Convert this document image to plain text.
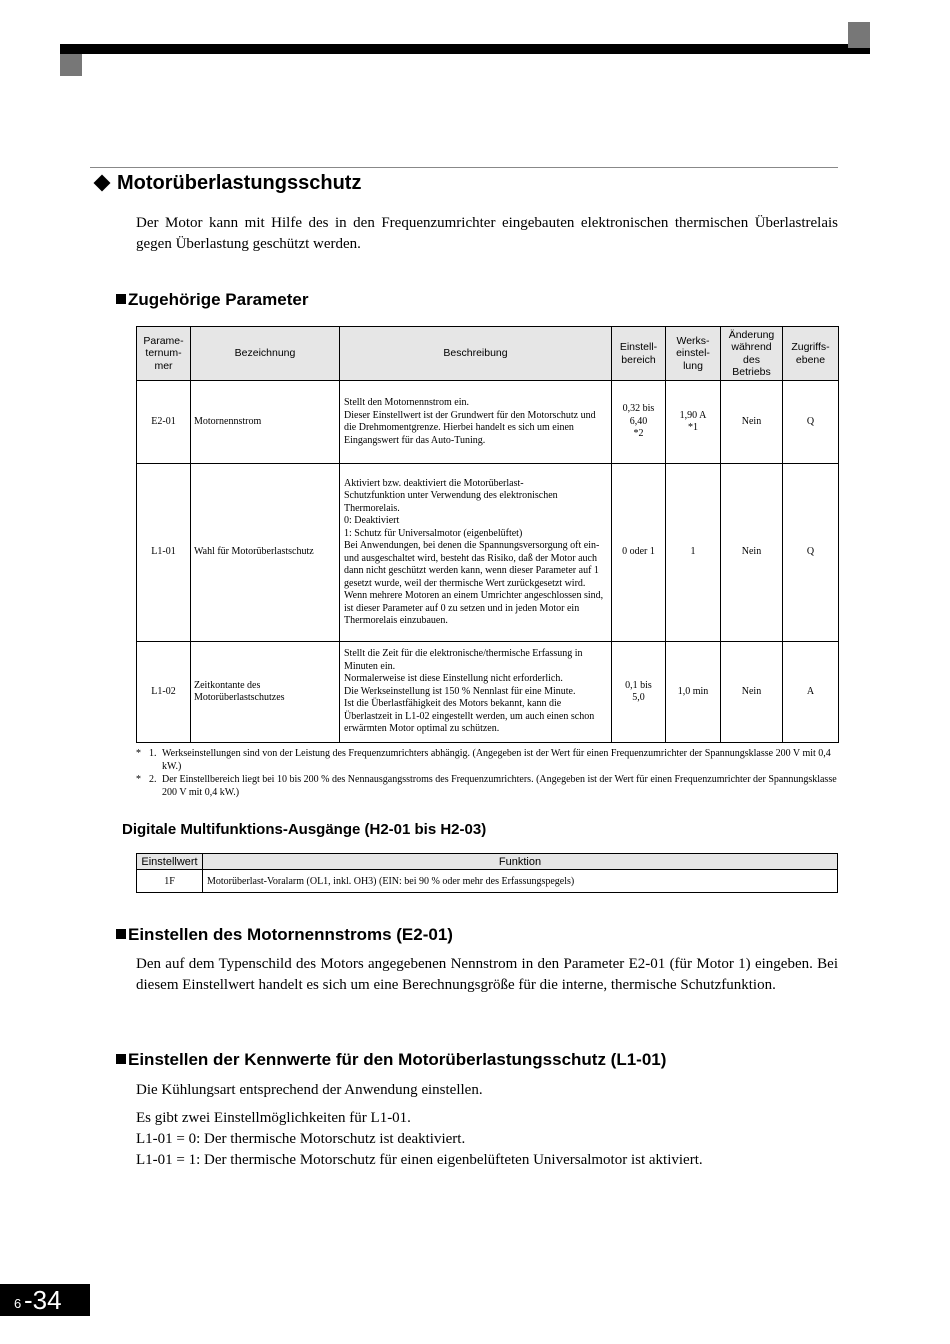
Motorüberlastungsschutz
Der Motor kann mit Hilfe des in den Frequenzumrichter eingebauten elektronischen thermischen Überlastrelais gegen Überlastung geschützt werden.
Zugehörige Parameter
Parame-
ternum-
mer	Bezeichnung	Beschreibung	Einstell-
bereich	Werks-
einstel-
lung	Änderung
während
des
Betriebs	Zugriffs-
ebene
E2-01	Motornennstrom	Stellt den Motornennstrom ein.
Dieser Einstellwert ist der Grundwert für den Motorschutz und die Drehmomentgrenze. Hierbei handelt es sich um einen Eingangswert für das Auto-Tuning.	0,32 bis
6,40
*2	1,90 A
*1	Nein	Q
L1-01	Wahl für Motorüberlastschutz	Aktiviert bzw. deaktiviert die Motorüberlast-
Schutzfunktion unter Verwendung des elektronischen Thermorelais.
0: Deaktiviert
1: Schutz für Universalmotor (eigenbelüftet)
Bei Anwendungen, bei denen die Spannungsversorgung oft ein- und ausgeschaltet wird, besteht das Risiko, daß der Motor auch dann nicht geschützt werden kann, wenn dieser Parameter auf 1 gesetzt wurde, weil der thermische Wert zurückgesetzt wird. Wenn mehrere Motoren an einem Umrichter angeschlossen sind, ist dieser Parameter auf 0 zu setzen und in jeden Motor ein Thermorelais einzubauen.	0 oder 1	1	Nein	Q
L1-02	Zeitkontante des Motorüberlastschutzes	Stellt die Zeit für die elektronische/thermische Erfassung in Minuten ein.
Normalerweise ist diese Einstellung nicht erforderlich.
Die Werkseinstellung ist 150 % Nennlast für eine Minute.
Ist die Überlastfähigkeit des Motors bekannt, kann die Überlastzeit in L1-02 eingestellt werden, um auch einen schon erwärmten Motor optimal zu schützen.	0,1 bis
5,0	1,0 min	Nein	A
* 1. Werkseinstellungen sind von der Leistung des Frequenzumrichters abhängig. (Angegeben ist der Wert für einen Frequenzumrichter der Spannungsklasse 200 V mit 0,4 kW.)
* 2. Der Einstellbereich liegt bei 10 bis 200 % des Nennausgangsstroms des Frequenzumrichters. (Angegeben ist der Wert für einen Frequenzumrichter der Spannungsklasse 200 V mit 0,4 kW.)
Digitale Multifunktions-Ausgänge (H2-01 bis H2-03)
Einstellwert	Funktion
1F	Motorüberlast-Voralarm (OL1, inkl. OH3) (EIN: bei 90 % oder mehr des Erfassungspegels)
Einstellen des Motornennstroms (E2-01)
Den auf dem Typenschild des Motors angegebenen Nennstrom in den Parameter E2-01 (für Motor 1) eingeben. Bei diesem Einstellwert handelt es sich um eine Berechnungsgröße für die interne, thermische Schutzfunktion.
Einstellen der Kennwerte für den Motorüberlastungsschutz (L1-01)
Die Kühlungsart entsprechend der Anwendung einstellen.
Es gibt zwei Einstellmöglichkeiten für L1-01.
L1-01 = 0: Der thermische Motorschutz ist deaktiviert.
L1-01 = 1: Der thermische Motorschutz für einen eigenbelüfteten Universalmotor ist aktiviert.
6 -34
